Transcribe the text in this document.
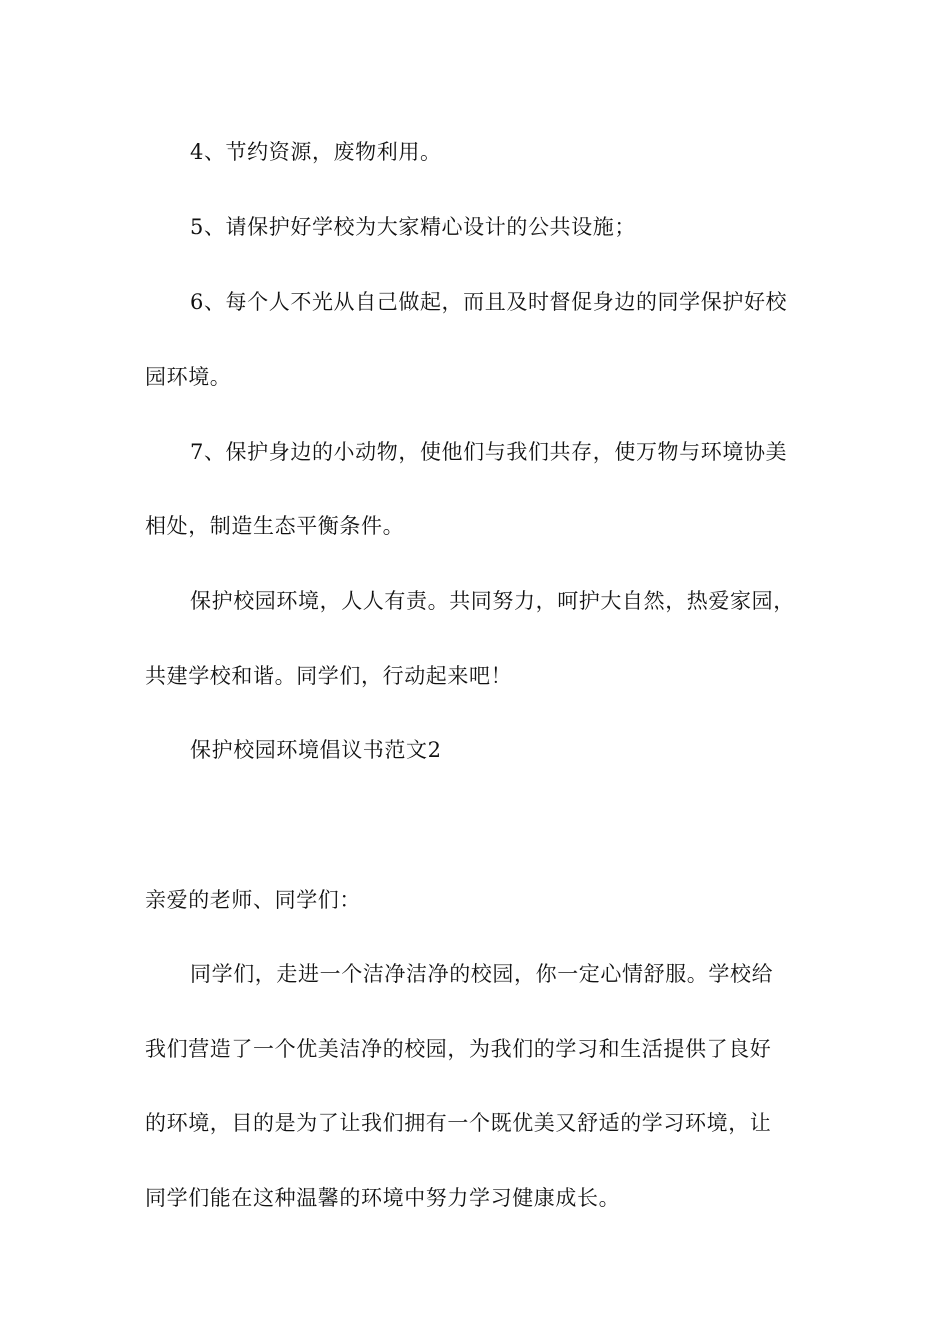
4、节约资源，废物利用。
5、请保护好学校为大家精心设计的公共设施；
6、每个人不光从自己做起，而且及时督促身边的同学保护好校
园环境。
7、保护身边的小动物，使他们与我们共存，使万物与环境协美
相处，制造生态平衡条件。
保护校园环境，人人有责。共同努力，呵护大自然，热爱家园，
共建学校和谐。同学们，行动起来吧！
保护校园环境倡议书范文2
亲爱的老师、同学们：
同学们，走进一个洁净洁净的校园，你一定心情舒服。学校给
我们营造了一个优美洁净的校园，为我们的学习和生活提供了良好
的环境，目的是为了让我们拥有一个既优美又舒适的学习环境，让
同学们能在这种温馨的环境中努力学习健康成长。
